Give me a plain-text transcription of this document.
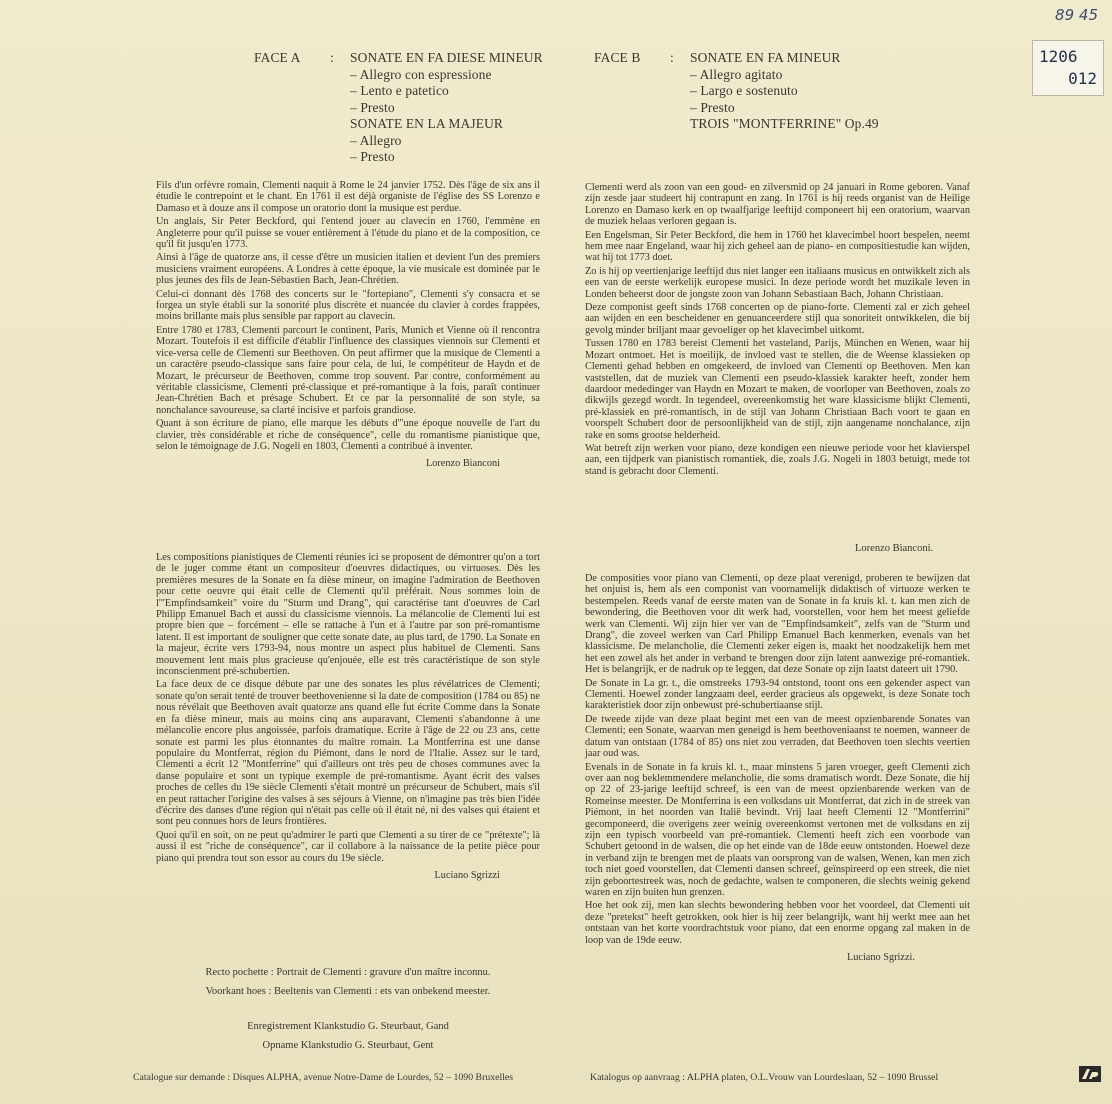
89 45
1206
012
FACE A	:	SONATE EN FA DIESE MINEUR
– Allegro con espressione
– Lento e patetico
– Presto
SONATE EN LA MAJEUR
– Allegro
– Presto
FACE B	:	SONATE EN FA MINEUR
– Allegro agitato
– Largo e sostenuto
– Presto
TROIS "MONTFERRINE" Op.49

Fils d'un orfèvre romain, Clementi naquit à Rome le 24 janvier 1752. Dès l'âge de six ans il étudie le contrepoint et le chant. En 1761 il est déjà organiste de l'église des SS Lorenzo e Damaso et à douze ans il compose un oratorio dont la musique est perdue.

Un anglais, Sir Peter Beckford, qui l'entend jouer au clavecin en 1760, l'emmène en Angleterre pour qu'il puisse se vouer entièrement à l'étude du piano et de la composition, ce qu'il fit jusqu'en 1773.

Ainsi à l'âge de quatorze ans, il cesse d'être un musicien italien et devient l'un des premiers musiciens vraiment européens. A Londres à cette époque, la vie musicale est dominée par le plus jeunes des fils de Jean-Sébastien Bach, Jean-Chrétien.

Celui-ci donnant dès 1768 des concerts sur le "fortepiano", Clementi s'y consacra et se forgea un style établi sur la sonorité plus discrète et nuancée du clavier à cordes frappées, moins brillante mais plus sensible par rapport au clavecin.

Entre 1780 et 1783, Clementi parcourt le continent, Paris, Munich et Vienne où il rencontra Mozart. Toutefois il est difficile d'établir l'influence des classiques viennois sur Clementi et vice-versa celle de Clementi sur Beethoven. On peut affirmer que la musique de Clementi a un caractère pseudo-classique sans faire pour cela, de lui, le compétiteur de Haydn et de Mozart, le précurseur de Beethoven, comme trop souvent. Par contre, conformément au véritable classicisme, Clementi pré-classique et pré-romantique à la fois, paraît continuer Jean-Chrétien Bach et présage Schubert. Et ce par la personnalité de son style, sa nonchalance savoureuse, sa clarté incisive et parfois grandiose.

Quant à son écriture de piano, elle marque les débuts d'"une époque nouvelle de l'art du clavier, très considérable et riche de conséquence", celle du romantisme pianistique que, selon le témoignage de J.G. Nogeli en 1803, Clementi a contribué à inventer.

Lorenzo Bianconi

Les compositions pianistiques de Clementi réunies ici se proposent de démontrer qu'on a tort de le juger comme étant un compositeur d'oeuvres didactiques, ou virtuoses. Dès les premières mesures de la Sonate en fa dièse mineur, on imagine l'admiration de Beethoven pour cette oeuvre qui était celle de Clementi qu'il préférait. Nous sommes loin de l'"Empfindsamkeit" voire du "Sturm und Drang", qui caractérise tant d'oeuvres de Carl Philipp Emanuel Bach et aussi du classicisme viennois. La mélancolie de Clementi lui est propre bien que – forcément – elle se rattache à l'un et à l'autre par son pré-romantisme latent. Il est important de souligner que cette sonate date, au plus tard, de 1790. La Sonate en la majeur, écrite vers 1793-94, nous montre un aspect plus habituel de Clementi. Sans mouvement lent mais plus gracieuse qu'enjouée, elle est très caractéristique de son style inconscienment pré-schubertien.

La face deux de ce disque débute par une des sonates les plus révélatrices de Clementi; sonate qu'on serait tenté de trouver beethovenienne si la date de composition (1784 ou 85) ne nous révélait que Beethoven avait quatorze ans quand elle fut écrite Comme dans la Sonate en fa dièse mineur, mais au moins cinq ans auparavant, Clementi s'abandonne à une mélancolie encore plus angoissée, parfois dramatique. Ecrite à l'âge de 22 ou 23 ans, cette sonate est parmi les plus étonnantes du maître romain. La Montferrina est une danse populaire du Montferrat, région du Piémont, dans le nord de l'Italie. Assez sur le tard, Clementi a écrit 12 "Montferrine" qui d'ailleurs ont très peu de choses communes avec la danse populaire et sont un typique exemple de pré-romantisme. Ayant écrit des valses proches de celles du 19e siècle Clementi s'était montré un précurseur de Schubert, mais s'il en peut rattacher l'origine des valses à ses séjours à Vienne, on n'imagine pas très bien l'idée d'écrire des danses d'une région qui n'était pas celle où il était né, ni des valses qui étaient et sont peu connues hors de leurs frontières.

Quoi qu'il en soit, on ne peut qu'admirer le parti que Clementi a su tirer de ce "prétexte"; là aussi il est "riche de conséquence", car il collabore à la naissance de la petite pièce pour piano qui prendra tout son essor au cours du 19e siècle.

Luciano Sgrizzi

Recto pochette : Portrait de Clementi : gravure d'un maître inconnu.
Voorkant hoes : Beeltenis van Clementi : ets van onbekend meester.
Enregistrement Klankstudio G. Steurbaut, Gand
Opname Klankstudio G. Steurbaut, Gent

Clementi werd als zoon van een goud- en zilversmid op 24 januari in Rome geboren. Vanaf zijn zesde jaar studeert hij contrapunt en zang. In 1761 is hij reeds organist van de Heilige Lorenzo en Damaso kerk en op twaalfjarige leeftijd componeert hij een oratorium, waarvan de muziek helaas verloren gegaan is.

Een Engelsman, Sir Peter Beckford, die hem in 1760 het klavecimbel hoort bespelen, neemt hem mee naar Engeland, waar hij zich geheel aan de piano- en compositiestudie kan wijden, wat hij tot 1773 doet.

Zo is hij op veertienjarige leeftijd dus niet langer een italiaans musicus en ontwikkelt zich als een van de eerste werkelijk europese musici. In deze periode wordt het muzikale leven in Londen beheerst door de jongste zoon van Johann Sebastiaan Bach, Johann Christiaan.

Deze componist geeft sinds 1768 concerten op de piano-forte. Clementi zal er zich geheel aan wijden en een bescheidener en genuanceerdere stijl qua sonoriteit ontwikkelen, die bij gevolg minder briljant maar gevoeliger op het klavecimbel uitkomt.

Tussen 1780 en 1783 bereist Clementi het vasteland, Parijs, München en Wenen, waar hij Mozart ontmoet. Het is moeilijk, de invloed vast te stellen, die de Weense klassieken op Clementi gehad hebben en omgekeerd, de invloed van Clementi op Beethoven. Men kan vaststellen, dat de muziek van Clementi een pseudo-klassiek karakter heeft, zonder hem daardoor mededinger van Haydn en Mozart te maken, de voorloper van Beethoven, zoals zo dikwijls gezegd wordt. In tegendeel, overeenkomstig het ware klassicisme blijkt Clementi, pré-klassiek en pré-romantisch, in de stijl van Johann Christiaan Bach voort te gaan en voorspelt Schubert door de persoonlijkheid van de stijl, zijn aangename nonchalance, zijn rake en soms grootse helderheid.

Wat betreft zijn werken voor piano, deze kondigen een nieuwe periode voor het klavierspel aan, een tijdperk van pianistisch romantiek, die, zoals J.G. Nogeli in 1803 betuigt, mede tot stand is gebracht door Clementi.

Lorenzo Bianconi.

De composities voor piano van Clementi, op deze plaat verenigd, proberen te bewijzen dat het onjuist is, hem als een componist van voornamelijk didaktisch of virtuoze werken te bestempelen. Reeds vanaf de eerste maten van de Sonate in fa kruis kl. t. kan men zich de bewondering, die Beethoven voor dit werk had, voorstellen, voor hem het meest geliefde werk van Clementi. Wij zijn hier ver van de "Empfindsamkeit", zelfs van de "Sturm und Drang", die zoveel werken van Carl Philipp Emanuel Bach kenmerken, evenals van het klassicisme. De melancholie, die Clementi zeker eigen is, maakt het noodzakelijk hem met het een zowel als het ander in verband te brengen door zijn latent aanwezige pré-romantiek. Het is belangrijk, er de nadruk op te leggen, dat deze Sonate op zijn laatst dateert uit 1790.

De Sonate in La gr. t., die omstreeks 1793-94 ontstond, toont ons een gekender aspect van Clementi. Hoewel zonder langzaam deel, eerder gracieus als opgewekt, is deze Sonate toch karakteristiek door zijn onbewust pré-schubertiaanse stijl.

De tweede zijde van deze plaat begint met een van de meest opzienbarende Sonates van Clementi; een Sonate, waarvan men geneigd is hem beethoveniaanst te noemen, wanneer de datum van ontstaan (1784 of 85) ons niet zou verraden, dat Beethoven toen slechts veertien jaar oud was.

Evenals in de Sonate in fa kruis kl. t., maar minstens 5 jaren vroeger, geeft Clementi zich over aan nog beklemmendere melancholie, die soms dramatisch wordt. Deze Sonate, die hij op 22 of 23-jarige leeftijd schreef, is een van de meest opzienbarende werken van de Romeinse meester. De Montferrina is een volksdans uit Montferrat, dat zich in de streek van Piémont, in het noorden van Italië bevindt. Vrij laat heeft Clementi 12 "Montferrini" gecomponeerd, die overigens zeer weinig overeenkomst vertonen met de volksdans en zij zijn een typisch voorbeeld van pré-romantiek. Clementi heeft zich een voorbode van Schubert getoond in de walsen, die op het einde van de 18de eeuw ontstonden. Hoewel deze in verband zijn te brengen met de plaats van oorsprong van de walsen, Wenen, kan men zich toch niet goed voorstellen, dat Clementi dansen schreef, geïnspireerd op een streek, die niet zijn geboortestreek was, noch de gedachte, walsen te componeren, die slechts weinig gekend waren en zijn buiten hun grenzen.

Hoe het ook zij, men kan slechts bewondering hebben voor het voordeel, dat Clementi uit deze "pretekst" heeft getrokken, ook hier is hij zeer belangrijk, want hij werkt mee aan het ontstaan van het korte voordrachtstuk voor piano, dat een enorme opgang zal maken in de loop van de 19de eeuw.

Luciano Sgrizzi.

Catalogue sur demande : Disques ALPHA, avenue Notre-Dame de Lourdes, 52 – 1090 Bruxelles	Katalogus op aanvraag : ALPHA platen, O.L.Vrouw van Lourdeslaan, 52 – 1090 Brussel
